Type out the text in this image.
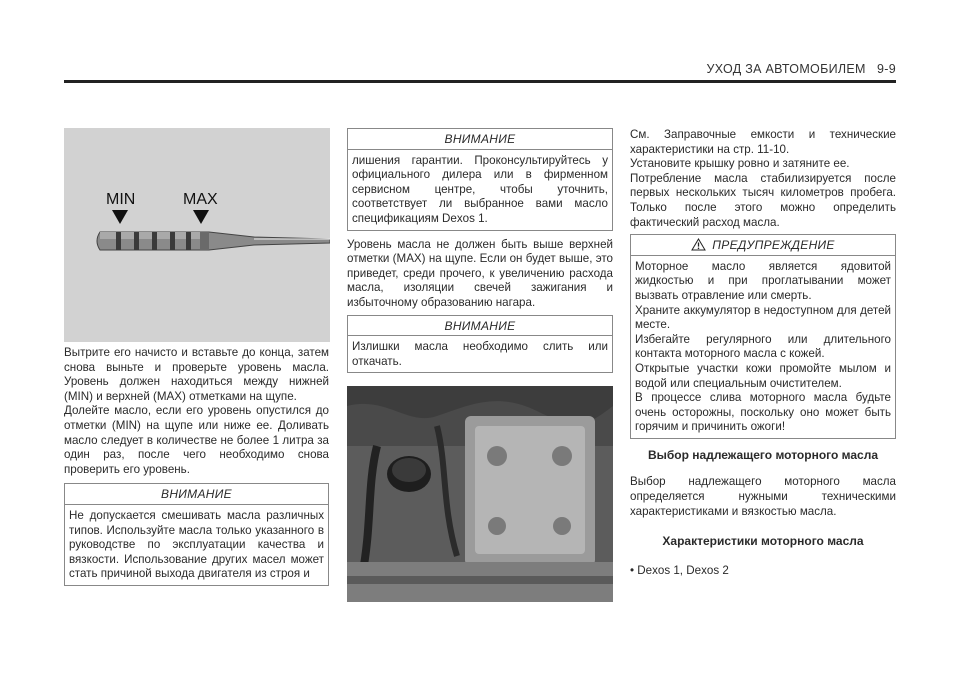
УХОД ЗА АВТОМОБИЛЕМ   9-9
MIN	MAX

Вытрите его начисто и вставьте до конца, затем снова выньте и проверьте уровень масла. Уровень должен находиться между нижней (MIN) и верхней (MAX) отметками на щупе.

Долейте масло, если его уровень опустился до отметки (MIN) на щупе или ниже ее. Доливать масло следует в количестве не более 1 литра за один раз, после чего необходимо снова проверить его уровень.

ВНИМАНИЕ

Не допускается смешивать масла различных типов. Используйте масла только указанного в руководстве по эксплуатации качества и вязкости. Использование других масел может стать причиной выхода двигателя из строя и

ВНИМАНИЕ

лишения гарантии. Проконсультируйтесь у официального дилера или в фирменном сервисном центре, чтобы уточнить, соответствует ли выбранное вами масло спецификациям Dexos 1.

Уровень масла не должен быть выше верхней отметки (MAX) на щупе. Если он будет выше, это приведет, среди прочего, к увеличению расхода масла, изоляции свечей зажигания и избыточному образованию нагара.

ВНИМАНИЕ

Излишки масла необходимо слить или откачать.

См. Заправочные емкости и технические характеристики на стр. 11-10.

Установите крышку ровно и затяните ее.

Потребление масла стабилизируется после первых нескольких тысяч километров пробега. Только после этого можно определить фактический расход масла.

ПРЕДУПРЕЖДЕНИЕ

Моторное масло является ядовитой жидкостью и при проглатывании может вызвать отравление или смерть.

Храните аккумулятор в недоступном для детей месте.

Избегайте регулярного или длительного контакта моторного масла с кожей.

Открытые участки кожи промойте мылом и водой или специальным очистителем.

В процессе слива моторного масла будьте очень осторожны, поскольку оно может быть горячим и причинить ожоги!

Выбор надлежащего моторного масла

Выбор надлежащего моторного масла определяется нужными техническими характеристиками и вязкостью масла.

Характеристики моторного масла

• Dexos 1, Dexos 2
